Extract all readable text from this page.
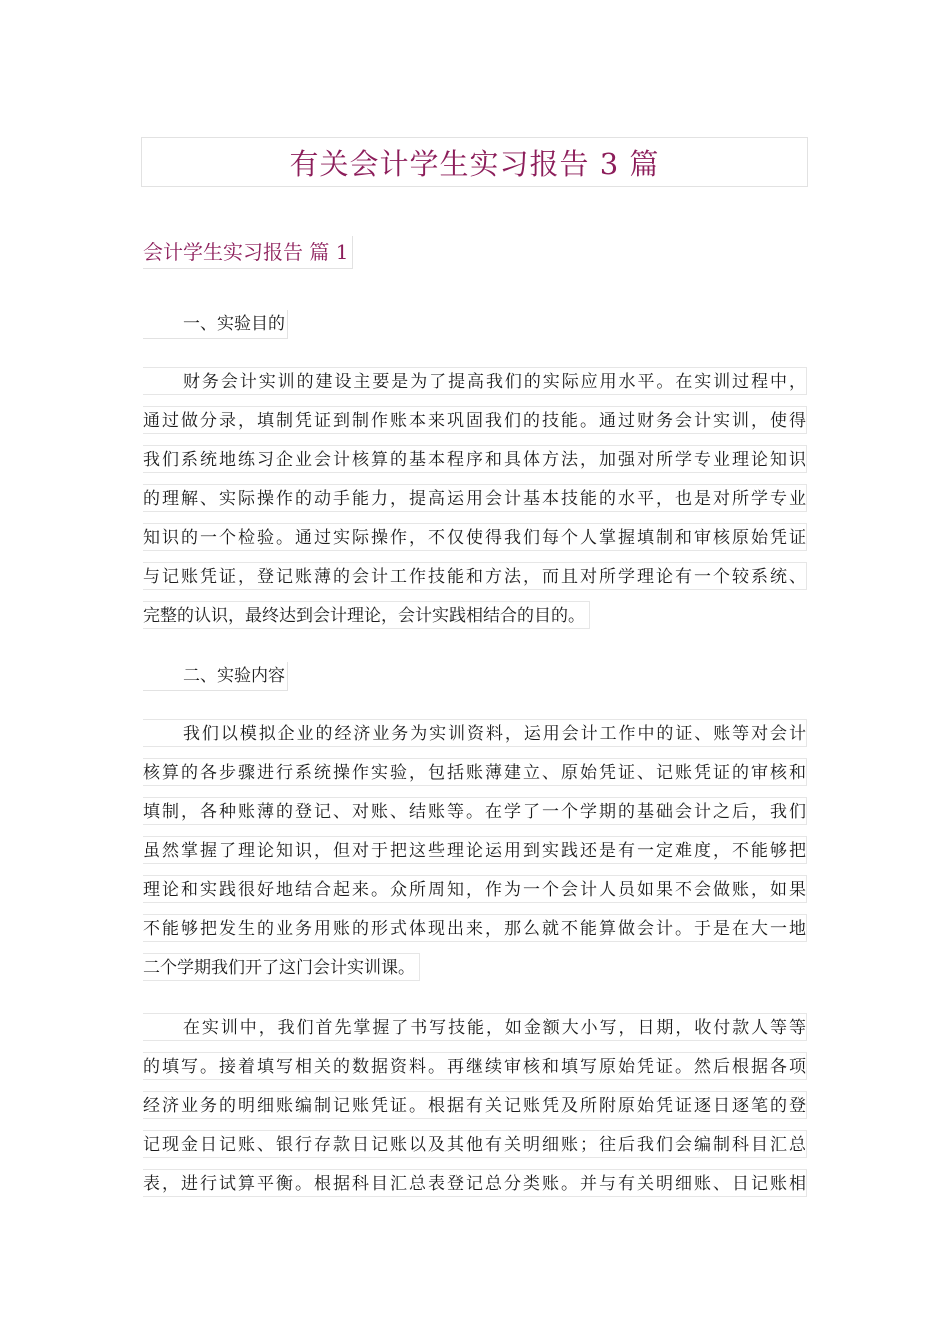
有关会计学生实习报告 3 篇
会计学生实习报告 篇 1
一、实验目的
财务会计实训的建设主要是为了提高我们的实际应用水平。在实训过程中，
通过做分录，填制凭证到制作账本来巩固我们的技能。通过财务会计实训，使得
我们系统地练习企业会计核算的基本程序和具体方法，加强对所学专业理论知识
的理解、实际操作的动手能力，提高运用会计基本技能的水平，也是对所学专业
知识的一个检验。通过实际操作，不仅使得我们每个人掌握填制和审核原始凭证
与记账凭证，登记账薄的会计工作技能和方法，而且对所学理论有一个较系统、
完整的认识，最终达到会计理论，会计实践相结合的目的。
二、实验内容
我们以模拟企业的经济业务为实训资料，运用会计工作中的证、账等对会计
核算的各步骤进行系统操作实验，包括账薄建立、原始凭证、记账凭证的审核和
填制，各种账薄的登记、对账、结账等。在学了一个学期的基础会计之后，我们
虽然掌握了理论知识，但对于把这些理论运用到实践还是有一定难度，不能够把
理论和实践很好地结合起来。众所周知，作为一个会计人员如果不会做账，如果
不能够把发生的业务用账的形式体现出来，那么就不能算做会计。于是在大一地
二个学期我们开了这门会计实训课。
在实训中，我们首先掌握了书写技能，如金额大小写，日期，收付款人等等
的填写。接着填写相关的数据资料。再继续审核和填写原始凭证。然后根据各项
经济业务的明细账编制记账凭证。根据有关记账凭及所附原始凭证逐日逐笔的登
记现金日记账、银行存款日记账以及其他有关明细账；往后我们会编制科目汇总
表，进行试算平衡。根据科目汇总表登记总分类账。并与有关明细账、日记账相
